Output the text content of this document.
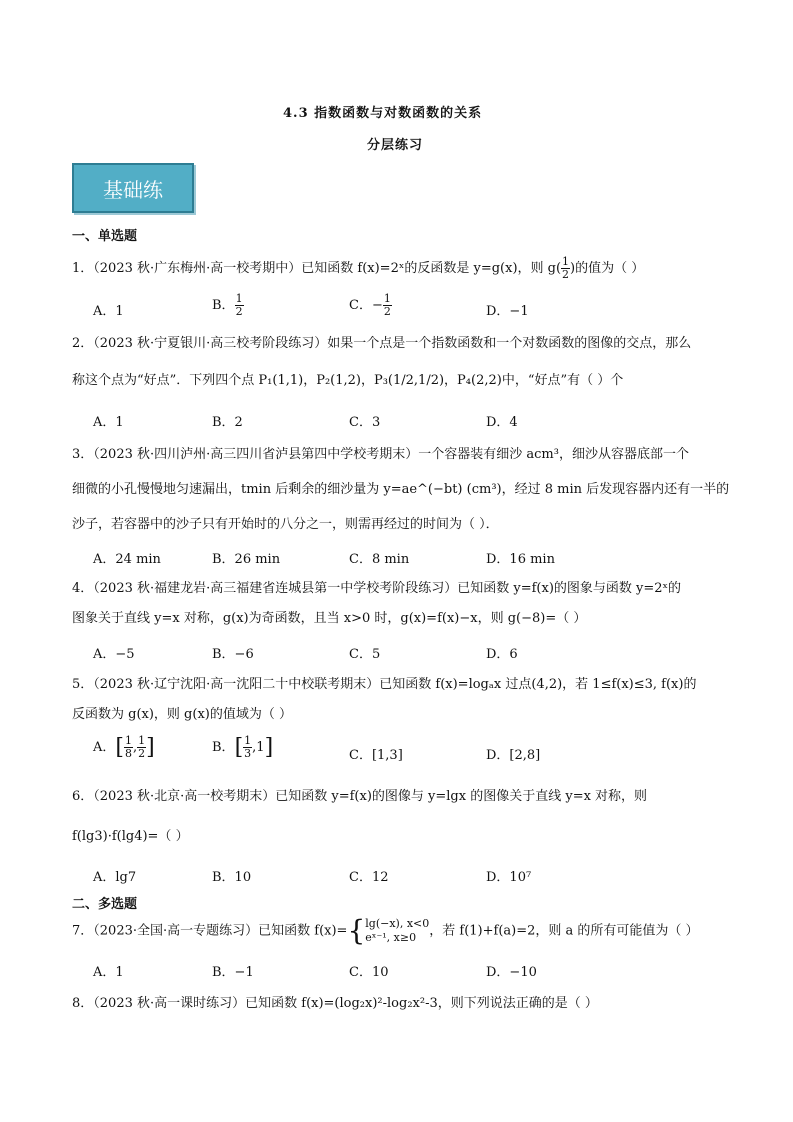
4.3 指数函数与对数函数的关系
分层练习
基础练
一、单选题
1．（2023 秋·广东梅州·高一校考期中）已知函数 f(x)=2ˣ的反函数是 y=g(x)，则 $g( \frac{1}{2}$ )的值为（ ）
A．1	B． $\frac{1}{2}$	C．− $\frac{1}{2}$	D．−1
2．（2023 秋·宁夏银川·高三校考阶段练习）如果一个点是一个指数函数和一个对数函数的图像的交点，那么
称这个点为“好点”．下列四个点 P₁(1,1)，P₂(1,2)，P₃(1/2,1/2)，P₄(2,2)中，“好点”有（ ）个
A．1	B．2	C．3	D．4
3．（2023 秋·四川泸州·高三四川省泸县第四中学校考期末）一个容器装有细沙 acm³，细沙从容器底部一个
细微的小孔慢慢地匀速漏出，tmin 后剩余的细沙量为 y=ae^(−bt) (cm³)，经过 8 min 后发现容器内还有一半的
沙子，若容器中的沙子只有开始时的八分之一，则需再经过的时间为（ ）．
A．24 min	B．26 min	C．8 min	D．16 min
4．（2023 秋·福建龙岩·高三福建省连城县第一中学校考阶段练习）已知函数 y=f(x)的图象与函数 y=2ˣ的
图象关于直线 y=x 对称，g(x)为奇函数，且当 x>0 时，g(x)=f(x)−x，则 g(−8)=（ ）
A．−5	B．−6	C．5	D．6
5．（2023 秋·辽宁沈阳·高一沈阳二十中校联考期末）已知函数 f(x)=logₐx 过点(4,2)，若 1≤f(x)≤3, f(x)的
反函数为 g(x)，则 g(x)的值域为（ ）
A．[ $\frac{1}{8}$ , $\frac{1}{2}$ ]	B．[ $\frac{1}{3} ,1$]	C．[1,3]	D．[2,8]
6．（2023 秋·北京·高一校考期末）已知函数 y=f(x)的图像与 y=lgx 的图像关于直线 y=x 对称，则
f(lg3)·f(lg4)=（ ）
A．lg7	B．10	C．12	D．10⁷
二、多选题
7．（2023·全国·高一专题练习）已知函数 f(x)={ lg(−x), x<0
eˣ⁻¹, x≥0	，若 f(1)+f(a)=2，则 a 的所有可能值为（ ）
A．1	B．−1	C．10	D．−10
8．（2023 秋·高一课时练习）已知函数 f(x)=(log₂x)²-log₂x²-3，则下列说法正确的是（ ）
